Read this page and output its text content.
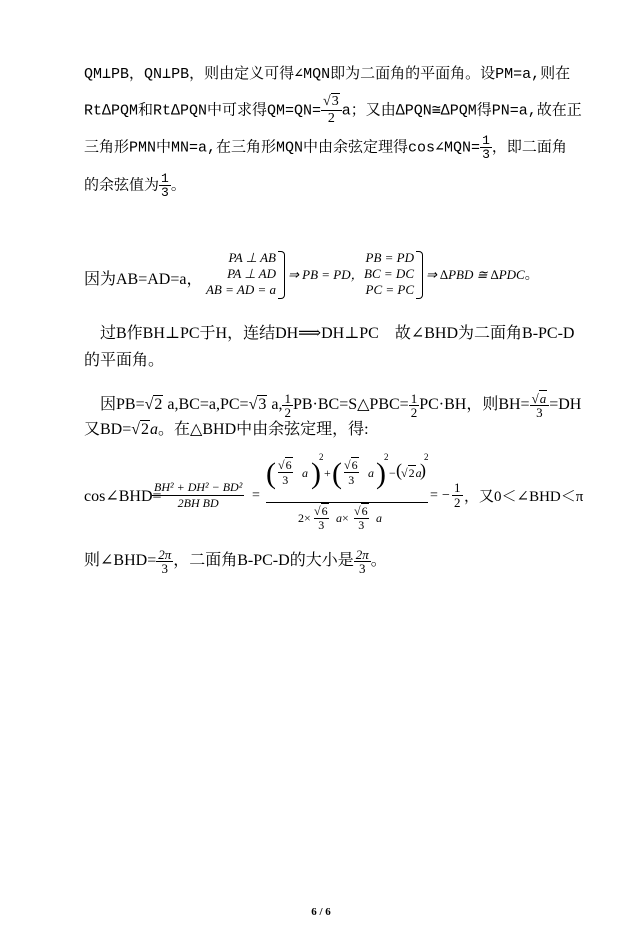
QM⊥PB，QN⊥PB，则由定义可得∠MQN即为二面角的平面角。设PM=a,则在
Rt∆PQM和Rt∆PQN中可求得$QM=QN= \frac{√3}{2}$ a；又由∆PQN≅∆PQM得PN=a,故在正
三角形PMN中MN=a,在三角形MQN中由余弦定理得cos∠MQN= $\frac{1}{3}$ ，即二面角
的余弦值为 $\frac{1}{3}$ 。
因为AB=AD=a，
PA ⊥ AB
PA ⊥ AD
AB = AD = a
⇒ PB = PD，
PB = PD
BC = DC
PC = PC
⇒ ∆PBD ≅ ∆PDC。
过B作BH⊥PC于H，连结DH⟹DH⊥PC　故∠BHD为二面角B-PC-D
的平面角。
因PB=√2 a,BC=a,PC=√3 a, $\frac{1}{2}$ PB·BC=S△PBC= $\frac{1}{2} PC\cdot BH$，则$BH= \frac{√a}{3} =DH$
又BD=√2a。在△BHD中由余弦定理，得:
cos∠BHD=
BH² + DH² − BD²
2BH BD	=
( √6
3	a )
2
+ ( √6
3	a )
2
− ( √2a
)
2
2× √6
3 a× √6
3 a
= −
1
2 ，又0＜∠BHD＜π
则∠BHD= $\frac{2\pi}{3}$ ，二面角B-PC-D的大小是 $\frac{2\pi}{3}$ 。
6 / 6
